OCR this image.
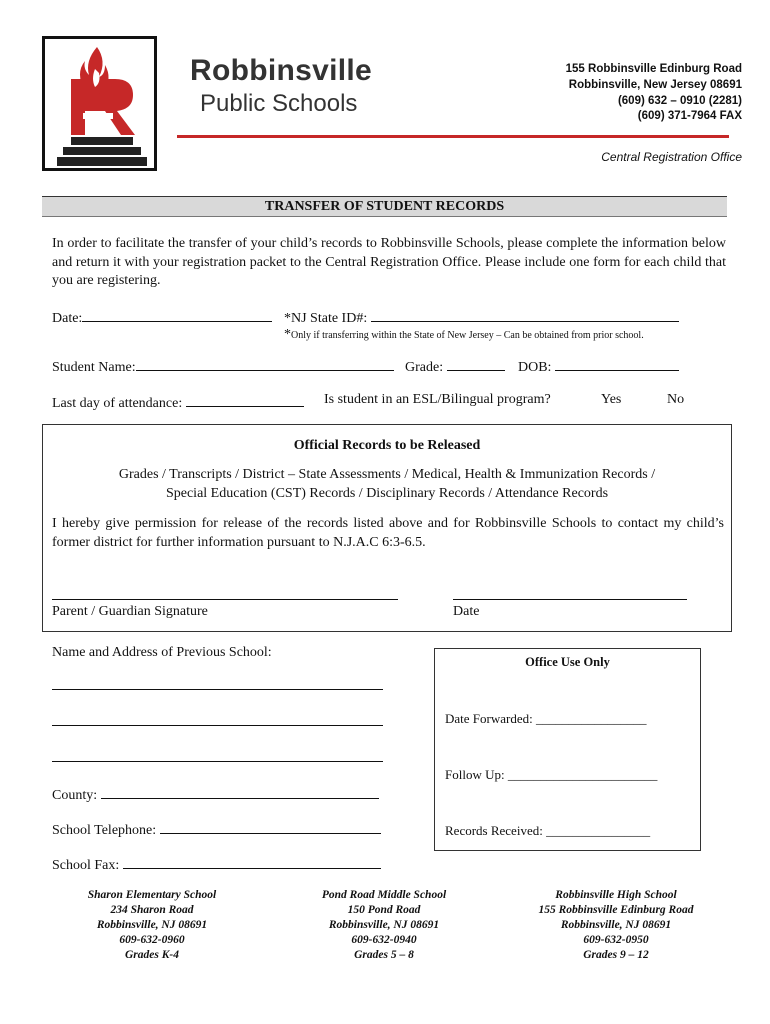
Robbinsville
Public Schools
155 Robbinsville Edinburg Road
Robbinsville, New Jersey 08691
(609) 632 – 0910 (2281)
(609) 371-7964 FAX
Central Registration Office
TRANSFER OF STUDENT RECORDS
In order to facilitate the transfer of your child’s records to Robbinsville Schools, please complete the information below and return it with your registration packet to the Central Registration Office. Please include one form for each child that you are registering.
Date:	*NJ State ID#:
*Only if transferring within the State of New Jersey – Can be obtained from prior school.
Student Name:	Grade:	DOB:
Last day of attendance:	Is student in an ESL/Bilingual program?	Yes	No
Official Records to be Released
Grades / Transcripts / District – State Assessments / Medical, Health & Immunization Records /
Special Education (CST) Records / Disciplinary Records / Attendance Records
I hereby give permission for release of the records listed above and for Robbinsville Schools to contact my child’s former district for further information pursuant to N.J.A.C 6:3-6.5.
Parent / Guardian Signature	Date
Name and Address of Previous School:
County:
School Telephone:
School Fax:
Office Use Only
Date Forwarded: _________________
Follow Up: _______________________
Records Received: ________________
Sharon Elementary School
234 Sharon Road
Robbinsville, NJ 08691
609-632-0960
Grades K-4
Pond Road Middle School
150 Pond Road
Robbinsville, NJ 08691
609-632-0940
Grades 5 – 8
Robbinsville High School
155 Robbinsville Edinburg Road
Robbinsville, NJ 08691
609-632-0950
Grades 9 – 12
